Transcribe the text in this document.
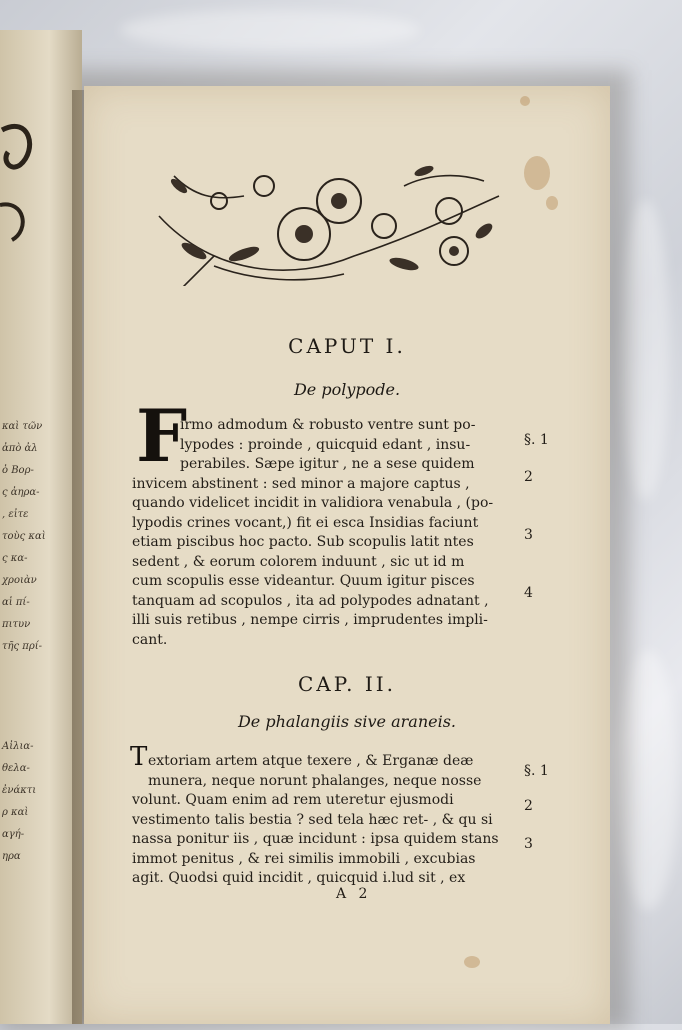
καὶ τῶν
ἀπὸ ἀλ
ὁ Βορ-
ς ἀηρα-
, εἰτε
τοὺς καὶ
ς κα-
χροιὰν
αἱ πί-
πιτυν
τῆς πρί-
Αἰλια-
θελα-
ἐνάκτι
ρ καὶ
αγή-
ηρα
CAPUT I.
De polypode.
F
irmo admodum & robusto ventre sunt po-
lypodes : proinde , quicquid edant , insu-
perabiles. Sæpe igitur , ne a sese quidem
invicem abstinent : sed minor a majore captus ,
quando videlicet incidit in validiora venabula , (po-
lypodis crines vocant,) fit ei esca Insidias faciunt
etiam piscibus hoc pacto. Sub scopulis latit ntes
sedent , & eorum colorem induunt , sic ut id m
cum scopulis esse videantur. Quum igitur pisces
tanquam ad scopulos , ita ad polypodes adnatant ,
illi suis retibus , nempe cirris , imprudentes impli-
cant.
§. 1
2
3
4
CAP. II.
De phalangiis sive araneis.
T extoriam artem atque texere , & Erganæ deæ
munera, neque norunt phalanges, neque nosse
volunt. Quam enim ad rem uteretur ejusmodi
vestimento talis bestia ? sed tela hæc ret- , & qu si
nassa ponitur iis , quæ incidunt : ipsa quidem stans
immot penitus , & rei similis immobili , excubias
agit. Quodsi quid incidit , quicquid i.lud sit , ex
§. 1
2
3
A 2
